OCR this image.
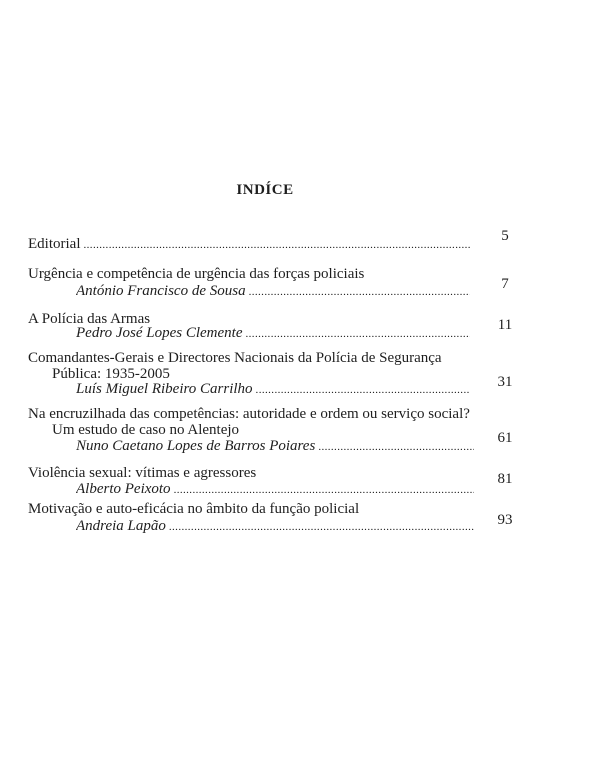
INDÍCE
Editorial
.....	5
Urgência e competência de urgência das forças policiais
António Francisco de Sousa
.....	7
A Polícia das Armas
Pedro José Lopes Clemente
.....	11
Comandantes-Gerais e Directores Nacionais da Polícia de Segurança
Pública: 1935-2005
Luís Miguel Ribeiro Carrilho
.....	31
Na encruzilhada das competências: autoridade e ordem ou serviço social?
Um estudo de caso no Alentejo
Nuno Caetano Lopes de Barros Poiares
.....	61
Violência sexual: vítimas e agressores
Alberto Peixoto
.....
81
Motivação e auto-eficácia no âmbito da função policial
Andreia Lapão .....	93
